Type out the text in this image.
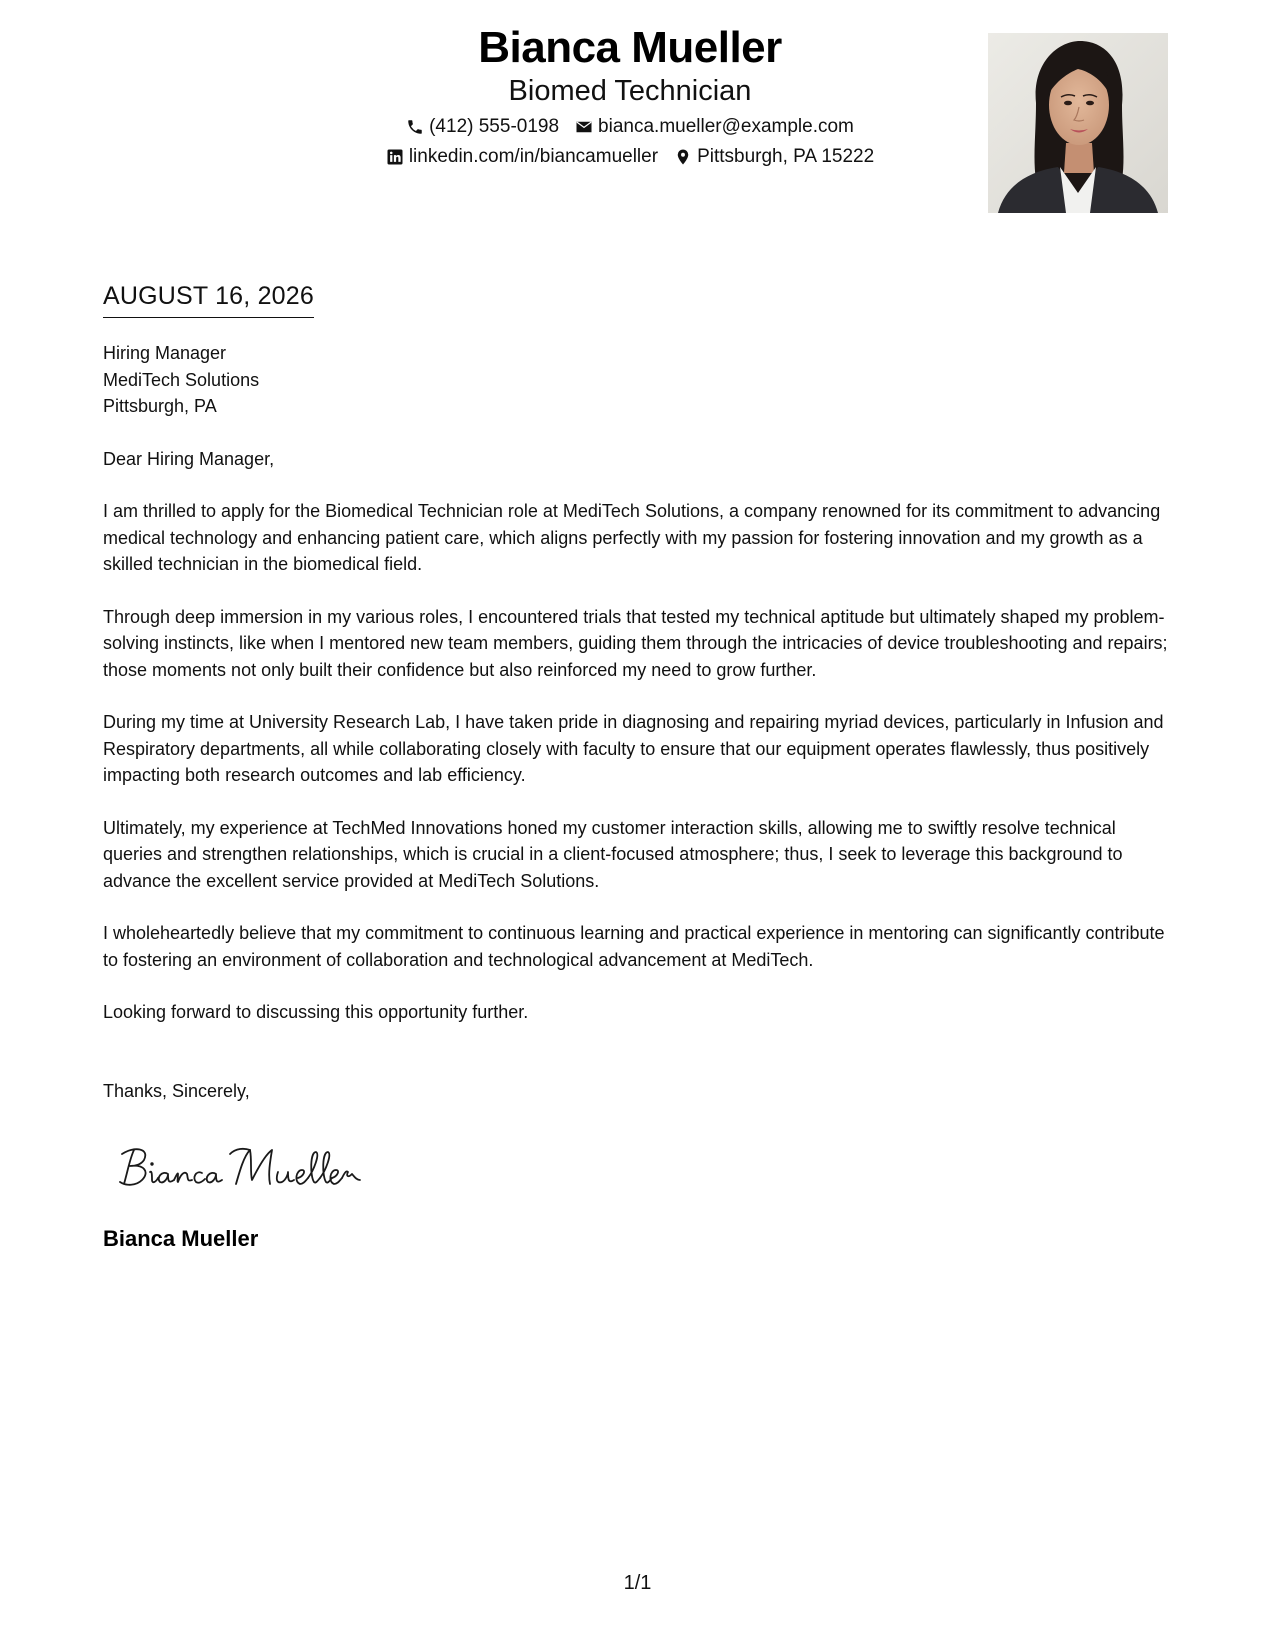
Bianca Mueller
Biomed Technician
(412) 555-0198 bianca.mueller@example.com
linkedin.com/in/biancamueller Pittsburgh, PA 15222
AUGUST 16, 2026
Hiring Manager
MediTech Solutions
Pittsburgh, PA
Dear Hiring Manager,
I am thrilled to apply for the Biomedical Technician role at MediTech Solutions, a company renowned for its commitment to advancing medical technology and enhancing patient care, which aligns perfectly with my passion for fostering innovation and my growth as a skilled technician in the biomedical field.
Through deep immersion in my various roles, I encountered trials that tested my technical aptitude but ultimately shaped my problem-solving instincts, like when I mentored new team members, guiding them through the intricacies of device troubleshooting and repairs; those moments not only built their confidence but also reinforced my need to grow further.
During my time at University Research Lab, I have taken pride in diagnosing and repairing myriad devices, particularly in Infusion and Respiratory departments, all while collaborating closely with faculty to ensure that our equipment operates flawlessly, thus positively impacting both research outcomes and lab efficiency.
Ultimately, my experience at TechMed Innovations honed my customer interaction skills, allowing me to swiftly resolve technical queries and strengthen relationships, which is crucial in a client-focused atmosphere; thus, I seek to leverage this background to advance the excellent service provided at MediTech Solutions.
I wholeheartedly believe that my commitment to continuous learning and practical experience in mentoring can significantly contribute to fostering an environment of collaboration and technological advancement at MediTech.
Looking forward to discussing this opportunity further.
Thanks, Sincerely,
Bianca Mueller
1/1
